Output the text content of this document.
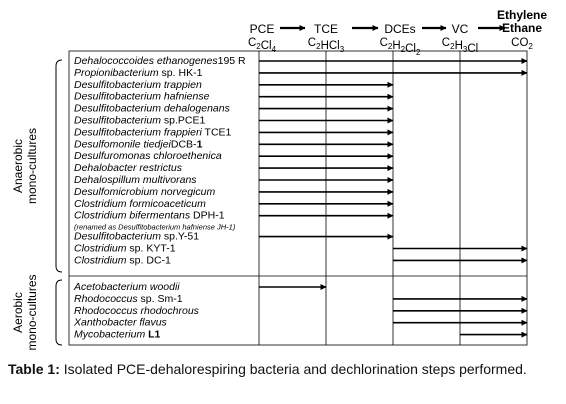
PCE
$C_2Cl_4$
TCE
$C_2HCl_3$
DCEs
$C_2H_2Cl_2$
VC
$C_2H_3Cl$
Ethylene
Ethane
$CO_2$
Anaerobic mono-cultures
Aerobic mono-cultures
Dehalococcoides ethanogenes195 R
Propionibacterium sp. HK-1
Desulfitobacterium trappien
Desulfitobacterium hafniense
Desulfitobacterium dehalogenans
Desulfitobacterium sp.PCE1
Desulfitobacterium frappieri TCE1
Desulfomonile tiedjeiDCB-1
Desulfuromonas chloroethenica
Dehalobacter restrictus
Dehalospillum multivorans
Desulfomicrobium norvegicum
Clostridium formicoaceticum
Clostridium bifermentans DPH-1
(renamed as Desulfitobacterium hafniense JH-1)
Desulfitobacterium sp.Y-51
Clostridium sp. KYT-1
Clostridium sp. DC-1
Acetobacterium woodii
Rhodococcus sp. Sm-1
Rhodococcus rhodochrous
Xanthobacter flavus
Mycobacterium L1
Table 1: Isolated PCE-dehalorespiring bacteria and dechlorination steps performed.
